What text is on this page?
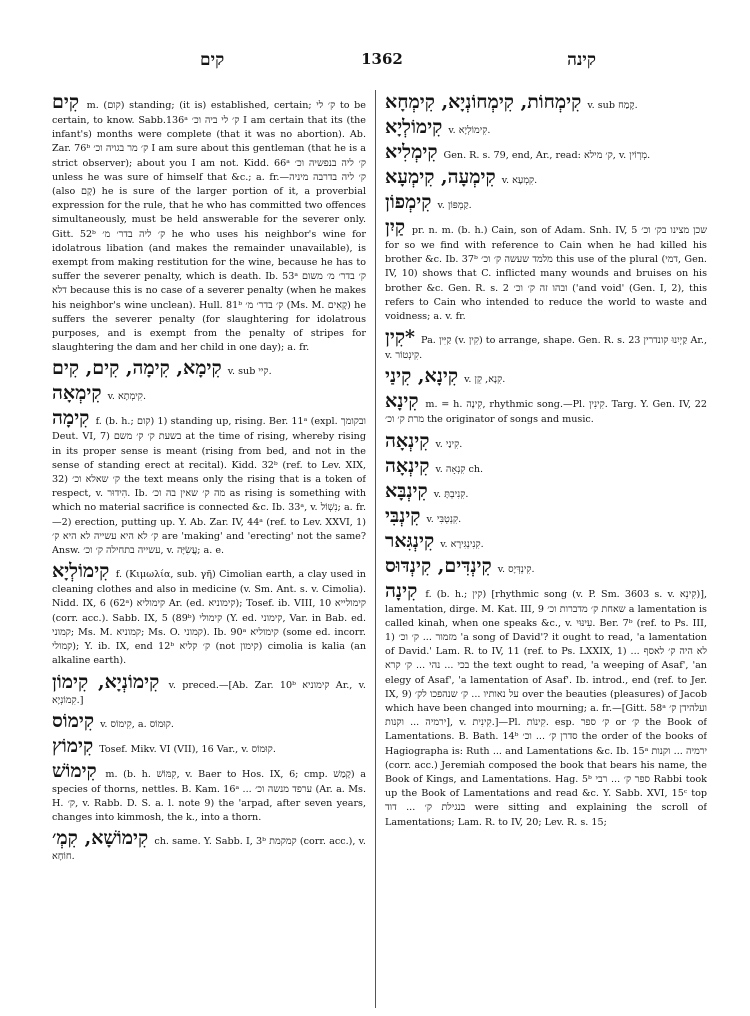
קים	1362	קינה

קִים m. (קום) standing; (it is) established, certain; ק׳ לי to be certain, to know. Sabb.136ᵃ ק׳ לי ביה וכ׳ I am certain that its (the infant's) months were complete (that it was no abortion). Ab. Zar. 76ᵇ ק׳ מר בגויה וכ׳ I am sure about this gentleman (that he is a strict observer); about you I am not. Kidd. 66ᵃ ק׳ ליה בנפשיה וכ׳ unless he was sure of himself that &c.; a. fr.—ק׳ ליה בדרבה מיניה (also קָם) he is sure of the larger portion of it, a proverbial expression for the rule, that he who has committed two offences simultaneously, must be held answerable for the severer only. Gitt. 52ᵇ ק׳ ליה בדר׳ מ׳ he who uses his neighbor's wine for idolatrous libation (and makes the remainder unavailable), is exempt from making restitution for the wine, because he has to suffer the severer penalty, which is death. Ib. 53ᵃ ק׳ בדר׳ מ׳ משום דלא because this is no case of a severer penalty (when he makes his neighbor's wine unclean). Hull. 81ᵇ ק׳ בדר׳ מ׳ (Ms. M. קָאִים) he suffers the severer penalty (for slaughtering for idolatrous purposes, and is exempt from the penalty of stripes for slaughtering the dam and her child in one day); a. fr.

קִימָא, קִימָה, קִים, קִים v. sub קיי.

קִימְאָה v. קִימְתָא.

קִימָה f. (b. h.; קום) 1) standing up, rising. Ber. 11ᵃ (expl. ובקומך Deut. VI, 7) בשעת ק׳ ק׳ משם at the time of rising, whereby rising in its proper sense is meant (rising from bed, and not in the sense of standing erect at recital). Kidd. 32ᵇ (ref. to Lev. XIX, 32) ק׳ שאלא וכ׳ the text means only the rising that is a token of respect, v. הִידוּר. Ib. מה ק׳ שאין בה וכ׳ as rising is something with which no material sacrifice is connected &c. Ib. 33ᵃ, v. נִשְׁוֹל; a. fr.—2) erection, putting up. Y. Ab. Zar. IV, 44ᵃ (ref. to Lev. XXVI, 1) ק׳ לא היא עשייה לא היא ק׳ are 'making' and 'erecting' not the same? Answ. עשייה בתחילה ק׳ וכ׳, v. עֲשִׂיָּה; a. e.

קִימוֹלְיָא f. (Κιμωλία, sub. γῆ) Cimolian earth, a clay used in cleaning clothes and also in medicine (v. Sm. Ant. s. v. Cimolia). Nidd. IX, 6 (62ᵃ) קימוליא Ar. (ed. קימוניא); Tosef. ib. VIII, 10 קימולייא (corr. acc.). Sabb. IX, 5 (89ᵇ) קימולי (Y. ed. קימוני, Var. in Bab. ed. קמוני; Ms. M. קמוניא; Ms. O. קמוני). Ib. 90ᵃ קימוליא (some ed. incorr. קמולי); Y. ib. IX, end 12ᵇ ק׳ קליא (not קימון) cimolia is kalia (an alkaline earth).

קִימוֹנְיָא, קִימוֹן v. preced.—[Ab. Zar. 10ᵇ קימוניא Ar., v. קִמוֹנְיָא.]

קִימוֹס v. קִימוֹס, a. קוּמוֹס.

קִימוֹץ Tosef. Mikv. VI (VII), 16 Var., v. קוּמוֹס.

קִימוֹשׁ m. (b. h. קִמּוֹשׁ, v. Baer to Hos. IX, 6; cmp. קָמַשׁ) a species of thorns, nettles. B. Kam. 16ᵃ ... ערפד מנשה וכ׳ (Ar. a. Ms. H. ק׳, v. Rabb. D. S. a. l. note 9) the 'arpad, after seven years, changes into kimmosh, the k., into a thorn.

קִימוֹשָׁא, קִמְ׳ ch. same. Y. Sabb. I, 3ᵇ קמקמת (corr. acc.), v. חוֹחָא.

קִימְחוֹת, קִימְחוֹנְיָא, קִימְחָא v. sub קֶמַח.

קִימוֹלְיָא v. קִימוֹלְיָא.

קִימְלִיא Gen. R. s. 79, end, Ar., read: ק׳ מילא, v. מְרְוֹין.

קִימְעָה, קִימְעָא v. קִמְעָא.

קִימְפוֹן v. קַמְפּוֹן.

קַיִן pr. n. m. (b. h.) Cain, son of Adam. Snh. IV, 5 שכן מצינו בק׳ וכ׳ for so we find with reference to Cain when he had killed his brother &c. Ib. 37ᵇ מלמד שעשה ק׳ וכ׳ this use of the plural (דמי, Gen. IV, 10) shows that C. inflicted many wounds and bruises on his brother &c. Gen. R. s. 2 ובהו זה ק׳ וכ׳ ('and void' (Gen. I, 2), this refers to Cain who intended to reduce the world to waste and voidness; a. v. fr.

*קִין Pa. קַיִּין (v. קִין) to arrange, shape. Gen. R. s. 23 קַיְיִנוּ קונדרין Ar., v. קִינְטוֹר.

קִינָא, קִינַי v. קִנָא, קֵן.

קִינָא m. = h. קִינָה, rhythmic song.—Pl. קִינִין. Targ. Y. Gen. IV, 22 מרת ק׳ וכ׳ the originator of songs and music.

קִינְאָה v. קִינַי.

קִינְאָה v. קִנְאָה ch.

קִינְבָּא v. קִנִיבְתָּ.

קִינְבִּי v. קִנְטְבִּי.

קִינְגִּאר v. קִנִינְגִּירָא.

קִינְדִּים, קִינְדּוּס v. קִינְדְּיָס.

קִינָה f. (b. h.; קין) [rhythmic song (v. P. Sm. 3603 s. v. קִינְא)], lamentation, dirge. M. Kat. III, 9 שאחת ק׳ מדברות וכ׳ a lamentation is called kinah, when one speaks &c., v. עִינּוּי. Ber. 7ᵇ (ref. to Ps. III, 1) מזמור ... ק׳ וכ׳ 'a song of David'? it ought to read, 'a lamentation of David.' Lam. R. to IV, 11 (ref. to Ps. LXXIX, 1) לא היה ק׳ לאסף ... בכי ... נהי ... ק׳ קרא the text ought to read, 'a weeping of Asaf', 'an elegy of Asaf', 'a lamentation of Asaf'. Ib. introd., end (ref. to Jer. IX, 9) על נאותיו ... ק׳ שנהפכו לק׳ over the beauties (pleasures) of Jacob which have been changed into mourning; a. fr.—[Gitt. 58ᵃ ועלהידן ק׳ ירמיה ... וקנות], v. קִינִית.]—Pl. קִינוֹת. esp. ק׳ ספר or ק׳ the Book of Lamentations. B. Bath. 14ᵇ סדרן ק׳ ... וכ׳ the order of the books of Hagiographa is: Ruth ... and Lamentations &c. Ib. 15ᵃ ירמיה ... וקנות (corr. acc.) Jeremiah composed the book that bears his name, the Book of Kings, and Lamentations. Hag. 5ᵇ ספר ק׳ ... רבי Rabbi took up the Book of Lamentations and read &c. Y. Sabb. XVI, 15ᶜ top בנגילת ק׳ ... דוד were sitting and explaining the scroll of Lamentations; Lam. R. to IV, 20; Lev. R. s. 15;
